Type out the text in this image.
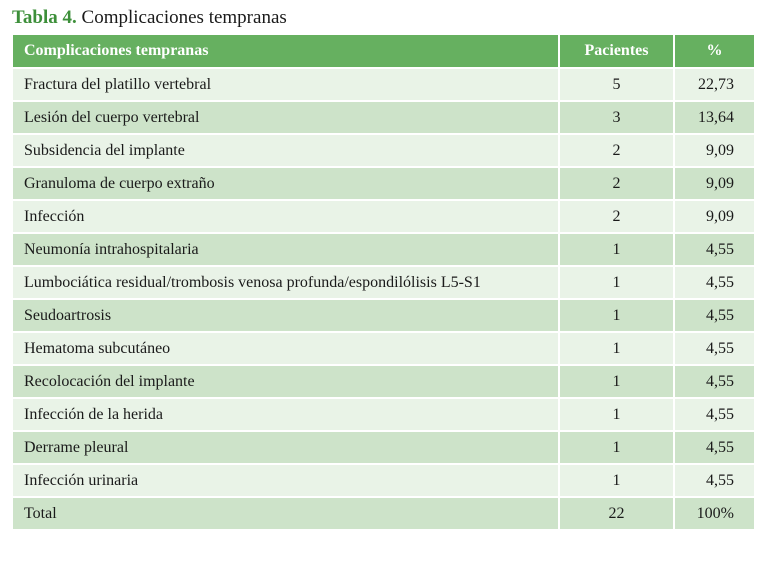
Tabla 4. Complicaciones tempranas
Complicaciones tempranas	Pacientes	%
Fractura del platillo vertebral	5	22,73
Lesión del cuerpo vertebral	3	13,64
Subsidencia del implante	2	9,09
Granuloma de cuerpo extraño	2	9,09
Infección	2	9,09
Neumonía intrahospitalaria	1	4,55
Lumbociática residual/trombosis venosa profunda/espondilólisis L5-S1	1	4,55
Seudoartrosis	1	4,55
Hematoma subcutáneo	1	4,55
Recolocación del implante	1	4,55
Infección de la herida	1	4,55
Derrame pleural	1	4,55
Infección urinaria	1	4,55
Total	22	100%
